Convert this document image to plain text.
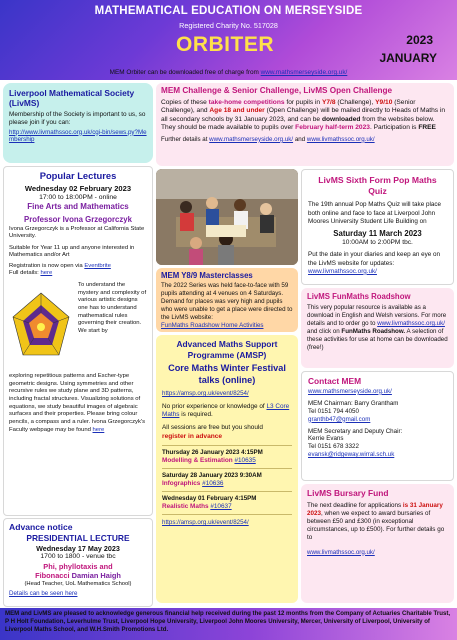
MATHEMATICAL EDUCATION ON MERSEYSIDE
Registered Charity No. 517028
ORBITER	2023
JANUARY
MEM Orbiter can be downloaded free of charge from www.mathsmerseyside.org.uk/
Liverpool Mathematical Society (LivMS)
Membership of the Society is important to us, so please join if you can:
http://www.livmathssoc.org.uk/cgi-bin/sews.py?Membership
Popular Lectures
Wednesday 02 February 2023
17:00 to 18:00PM - online
Fine Arts and Mathematics
Professor Ivona Grzegorczyk
Ivona Grzegorczyk is a Professor at California State University.
Suitable for Year 11 up and anyone interested in Mathematics and/or Art
Registration is now open via Eventbrite
Full details: here
To understand the mystery and complexity of various artistic designs one has to understand mathematical rules governing their creation. We start by
exploring repetitious patterns and Escher-type geometric designs. Using symmetries and other recursive rules we study plane and 3D patterns, including fractal structures. Visualizing solutions of equations, we study beautiful images of algebraic surfaces and their properties. Please bring colour pencils, a compass and a ruler. Ivona Grzegorczyk's Faculty webpage may be found here
Advance notice
PRESIDENTIAL LECTURE
Wednesday 17 May 2023
1700 to 1800 - venue tbc
Phi, phyllotaxis and
Fibonacci Damian Haigh
(Head Teacher, UoL Mathematics School)
Details can be seen here
MEM Challenge & Senior Challenge, LivMS Open Challenge
Copies of these take-home competitions for pupils in Y7/8 (Challenge), Y9/10 (Senior Challenge), and Age 18 and under (Open Challenge) will be mailed directly to Heads of Maths in all secondary schools by 31 January 2023, and can be downloaded from the websites below. They should be made available to pupils over February half-term 2023. Participation is FREE
Further details at www.mathsmerseyside.org.uk/ and www.livmathssoc.org.uk/
MEM Y8/9 Masterclasses
The 2022 Series was held face-to-face with 59 pupils attending at 4 venues on 4 Saturdays. Demand for places was very high and pupils who were unable to get a place were directed to the LivMS website:
FunMaths Roadshow Home Activities
Advanced Maths Support Programme (AMSP)
Core Maths Winter Festival talks (online)
https://amsp.org.uk/event/8254/
No prior experience or knowledge of L3 Core Maths is required.
All sessions are free but you should
register in advance
Thursday 26 January 2023 4:15PM
Modelling & Estimation #10635
Saturday 28 January 2023 9:30AM
Infographics #10636
Wednesday 01 February 4:15PM
Realistic Maths #10637
https://amsp.org.uk/event/8254/
LivMS Sixth Form Pop Maths Quiz
The 19th annual Pop Maths Quiz will take place both online and face to face at Liverpool John Moores University Student Life Building on
Saturday 11 March 2023
10:00AM to 2:00PM tbc.
Put the date in your diaries and keep an eye on the LivMS website for updates: www.livmathssoc.org.uk/
LivMS FunMaths Roadshow
This very popular resource is available as a download in English and Welsh versions. For more details and to order go to www.livmathssoc.org.uk/ and click on FunMaths Roadshow. A selection of these activities for use at home can be downloaded (free!)
Contact MEM
www.mathsmerseyside.org.uk/
MEM Chairman: Barry Grantham
Tel 0151 794 4050
granthb47@gmail.com
MEM Secretary and Deputy Chair:
Kerrie Evans
Tel 0151 678 3322
evansk@ridgeway.wirral.sch.uk
LivMS Bursary Fund
The next deadline for applications is 31 January 2023, when we expect to award bursaries of between £50 and £300 (in exceptional circumstances, up to £500). For further details go to
www.livmathssoc.org.uk/
MEM and LivMS are pleased to acknowledge generous financial help received during the past 12 months from the Company of Actuaries Charitable Trust, P H Holt Foundation, Leverhulme Trust, Liverpool Hope University, Liverpool John Moores University, Mercer, University of Liverpool, University of Liverpool Maths School, and W.H.Smith Promotions Ltd.
